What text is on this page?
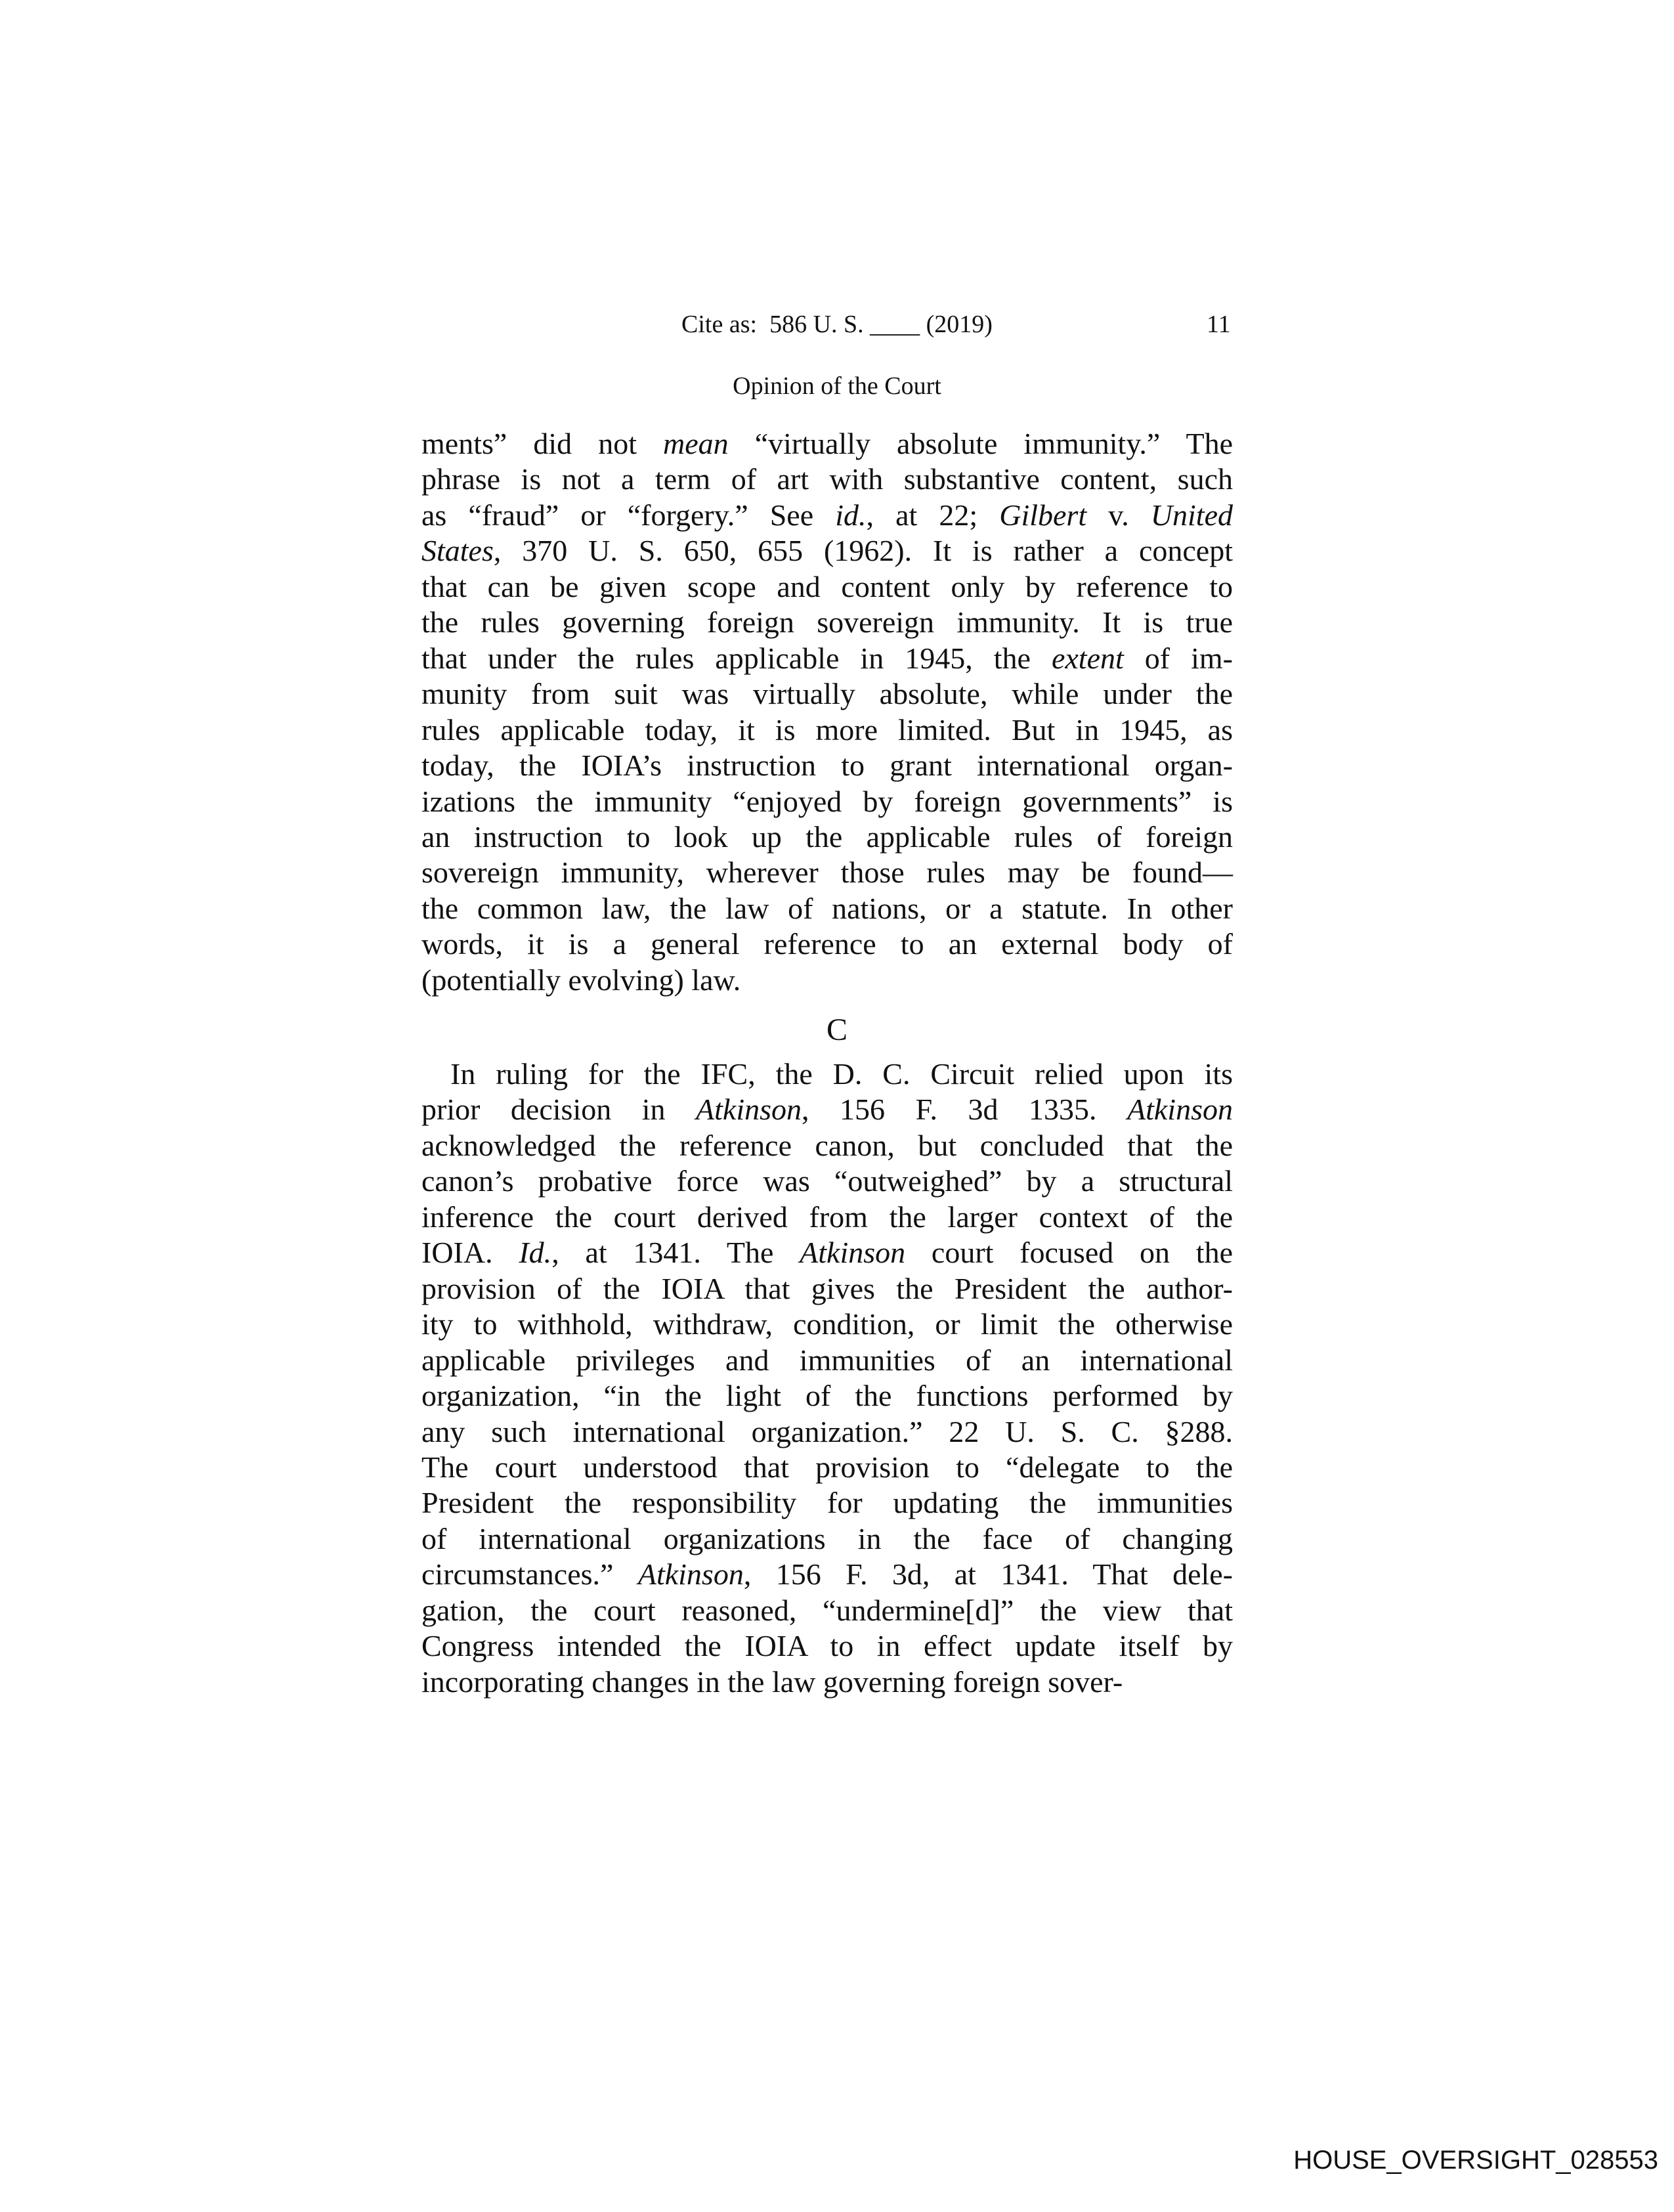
Cite as:  586 U. S. ____ (2019)	11
Opinion of the Court
ments” did not mean “virtually absolute immunity.” The
phrase is not a term of art with substantive content, such
as “fraud” or “forgery.” See id., at 22; Gilbert v. United
States, 370 U. S. 650, 655 (1962). It is rather a concept
that can be given scope and content only by reference to
the rules governing foreign sovereign immunity. It is true
that under the rules applicable in 1945, the extent of im-
munity from suit was virtually absolute, while under the
rules applicable today, it is more limited. But in 1945, as
today, the IOIA’s instruction to grant international organ-
izations the immunity “enjoyed by foreign governments” is
an instruction to look up the applicable rules of foreign
sovereign immunity, wherever those rules may be found—
the common law, the law of nations, or a statute. In other
words, it is a general reference to an external body of
(potentially evolving) law.
In ruling for the IFC, the D. C. Circuit relied upon its
prior decision in Atkinson, 156 F. 3d 1335. Atkinson
acknowledged the reference canon, but concluded that the
canon’s probative force was “outweighed” by a structural
inference the court derived from the larger context of the
IOIA. Id., at 1341. The Atkinson court focused on the
provision of the IOIA that gives the President the author-
ity to withhold, withdraw, condition, or limit the otherwise
applicable privileges and immunities of an international
organization, “in the light of the functions performed by
any such international organization.” 22 U. S. C. §288.
The court understood that provision to “delegate to the
President the responsibility for updating the immunities
of international organizations in the face of changing
circumstances.” Atkinson, 156 F. 3d, at 1341. That dele-
gation, the court reasoned, “undermine[d]” the view that
Congress intended the IOIA to in effect update itself by
incorporating changes in the law governing foreign sover-
C
HOUSE_OVERSIGHT_028553
